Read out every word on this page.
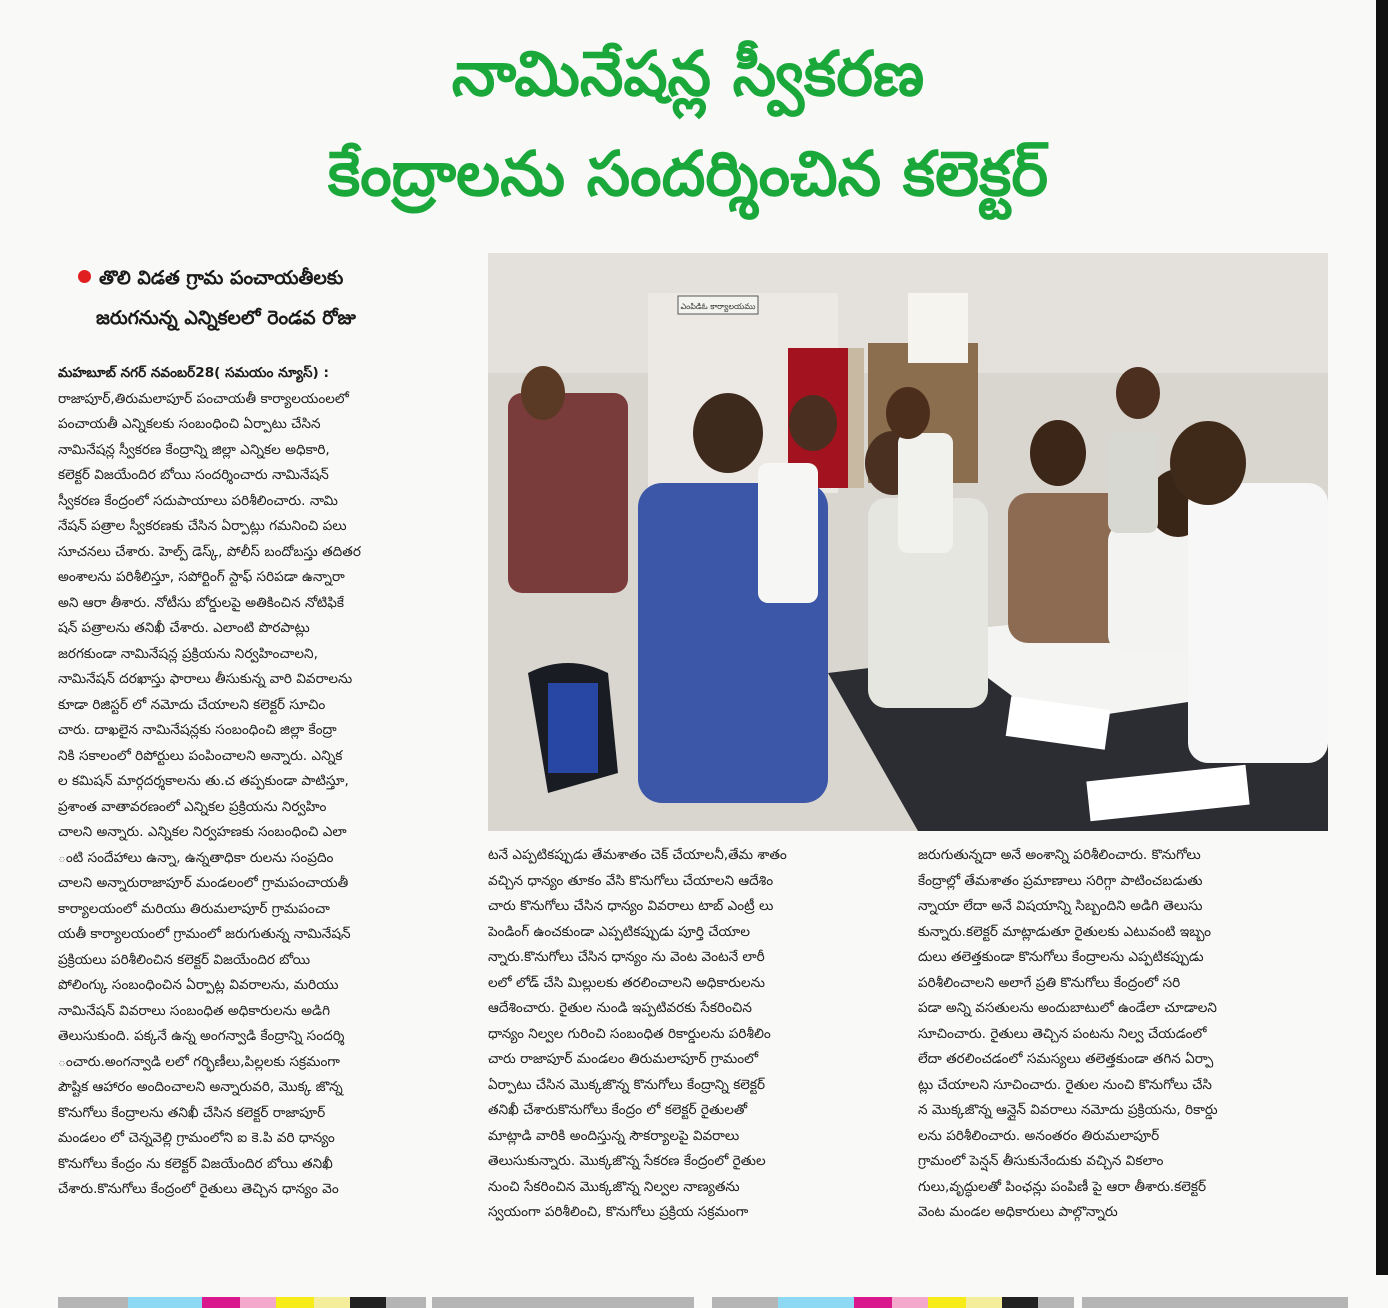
నామినేషన్ల స్వీకరణ
కేంద్రాలను సందర్శించిన కలెక్టర్
తొలి విడత గ్రామ పంచాయతీలకు
జరుగనున్న ఎన్నికలలో రెండవ రోజు
మహబూబ్ నగర్ నవంబర్28( సమయం న్యూస్) :
రాజాపూర్,తిరుమలాపూర్ పంచాయతీ కార్యాలయంలలో
పంచాయతీ ఎన్నికలకు సంబంధించి ఏర్పాటు చేసిన
నామినేషన్ల స్వీకరణ కేంద్రాన్ని జిల్లా ఎన్నికల అధికారి,
కలెక్టర్ విజయేందిర బోయి సందర్శించారు నామినేషన్
స్వీకరణ కేంద్రంలో సదుపాయాలు పరిశీలించారు. నామి
నేషన్ పత్రాల స్వీకరణకు చేసిన ఏర్పాట్లు గమనించి పలు
సూచనలు చేశారు. హెల్ప్ డెస్క్, పోలీస్ బందోబస్తు తదితర
అంశాలను పరిశీలిస్తూ, సపోర్టింగ్ స్టాఫ్ సరిపడా ఉన్నారా
అని ఆరా తీశారు. నోటీసు బోర్డులపై అతికించిన నోటిఫికే
షన్ పత్రాలను తనిఖీ చేశారు. ఎలాంటి పొరపాట్లు
జరగకుండా నామినేషన్ల ప్రక్రియను నిర్వహించాలని,
నామినేషన్ దరఖాస్తు ఫారాలు తీసుకున్న వారి వివరాలను
కూడా రిజిస్టర్ లో నమోదు చేయాలని కలెక్టర్ సూచిం
చారు. దాఖలైన నామినేషన్లకు సంబంధించి జిల్లా కేంద్రా
నికి సకాలంలో రిపోర్టులు పంపించాలని అన్నారు. ఎన్నిక
ల కమిషన్ మార్గదర్శకాలను తు.చ తప్పకుండా పాటిస్తూ,
ప్రశాంత వాతావరణంలో ఎన్నికల ప్రక్రియను నిర్వహిం
చాలని అన్నారు. ఎన్నికల నిర్వహణకు సంబంధించి ఎలా
ంటి సందేహాలు ఉన్నా, ఉన్నతాధికా రులను సంప్రదిం
చాలని అన్నారురాజాపూర్ మండలంలో గ్రామపంచాయతీ
కార్యాలయంలో మరియు తిరుమలాపూర్ గ్రామపంచా
యతీ కార్యాలయంలో గ్రామంలో జరుగుతున్న నామినేషన్
ప్రక్రియలు పరిశీలించిన కలెక్టర్ విజయేందిర బోయి
పోలింగ్కు సంబంధించిన ఏర్పాట్ల వివరాలను, మరియు
నామినేషన్ వివరాలు సంబంధిత అధికారులను అడిగి
తెలుసుకుంది. పక్కనే ఉన్న అంగన్వాడి కేంద్రాన్ని సందర్శి
ంచారు.అంగన్వాడి లలో గర్భిణీలు,పిల్లలకు సక్రమంగా
పౌష్టిక ఆహారం అందించాలని అన్నారువరి, మొక్క జొన్న
కొనుగోలు కేంద్రాలను తనిఖీ చేసిన కలెక్టర్ రాజాపూర్
మండలం లో చెన్నవెల్లి గ్రామంలోని ఐ కె.పి వరి ధాన్యం
కొనుగోలు కేంద్రం ను కలెక్టర్ విజయేందిర బోయి తనిఖీ
చేశారు.కొనుగోలు కేంద్రంలో రైతులు తెచ్చిన ధాన్యం వెం
ఎంపిడిఓ కార్యాలయము
టనే ఎప్పటికప్పుడు తేమశాతం చెక్ చేయాలనీ,తేమ శాతం
వచ్చిన ధాన్యం తూకం వేసి కొనుగోలు చేయాలని ఆదేశిం
చారు కొనుగోలు చేసిన ధాన్యం వివరాలు టాబ్ ఎంట్రీ లు
పెండింగ్ ఉంచకుండా ఎప్పటికప్పుడు పూర్తి చేయాల
న్నారు.కొనుగోలు చేసిన ధాన్యం ను వెంట వెంటనే లారీ
లలో లోడ్ చేసి మిల్లులకు తరలించాలని అధికారులను
ఆదేశించారు. రైతుల నుండి ఇప్పటివరకు సేకరించిన
ధాన్యం నిల్వల గురించి సంబంధిత రికార్డులను పరిశీలిం
చారు రాజాపూర్ మండలం తిరుమలాపూర్ గ్రామంలో
ఏర్పాటు చేసిన మొక్కజొన్న కొనుగోలు కేంద్రాన్ని కలెక్టర్
తనిఖీ చేశారుకొనుగోలు కేంద్రం లో కలెక్టర్ రైతులతో
మాట్లాడి వారికి అందిస్తున్న సౌకర్యాలపై వివరాలు
తెలుసుకున్నారు. మొక్కజొన్న సేకరణ కేంద్రంలో రైతుల
నుంచి సేకరించిన మొక్కజొన్న నిల్వల నాణ్యతను
స్వయంగా పరిశీలించి, కొనుగోలు ప్రక్రియ సక్రమంగా
జరుగుతున్నదా అనే అంశాన్ని పరిశీలించారు. కొనుగోలు
కేంద్రాల్లో తేమశాతం ప్రమాణాలు సరిగ్గా పాటించబడుతు
న్నాయా లేదా అనే విషయాన్ని సిబ్బందిని అడిగి తెలుసు
కున్నారు.కలెక్టర్ మాట్లాడుతూ రైతులకు ఎటువంటి ఇబ్బం
దులు తలెత్తకుండా కొనుగోలు కేంద్రాలను ఎప్పటికప్పుడు
పరిశీలించాలని అలాగే ప్రతి కొనుగోలు కేంద్రంలో సరి
పడా అన్ని వసతులను అందుబాటులో ఉండేలా చూడాలని
సూచించారు. రైతులు తెచ్చిన పంటను నిల్వ చేయడంలో
లేదా తరలించడంలో సమస్యలు తలెత్తకుండా తగిన ఏర్పా
ట్లు చేయాలని సూచించారు. రైతుల నుంచి కొనుగోలు చేసి
న మొక్కజొన్న ఆన్లైన్ వివరాలు నమోదు ప్రక్రియను, రికార్డు
లను పరిశీలించారు. అనంతరం తిరుమలాపూర్
గ్రామంలో పెన్షన్ తీసుకునేందుకు వచ్చిన వికలాం
గులు,వృద్ధులతో పింఛన్లు పంపిణీ పై ఆరా తీశారు.కలెక్టర్
వెంట మండల అధికారులు పాల్గొన్నారు
